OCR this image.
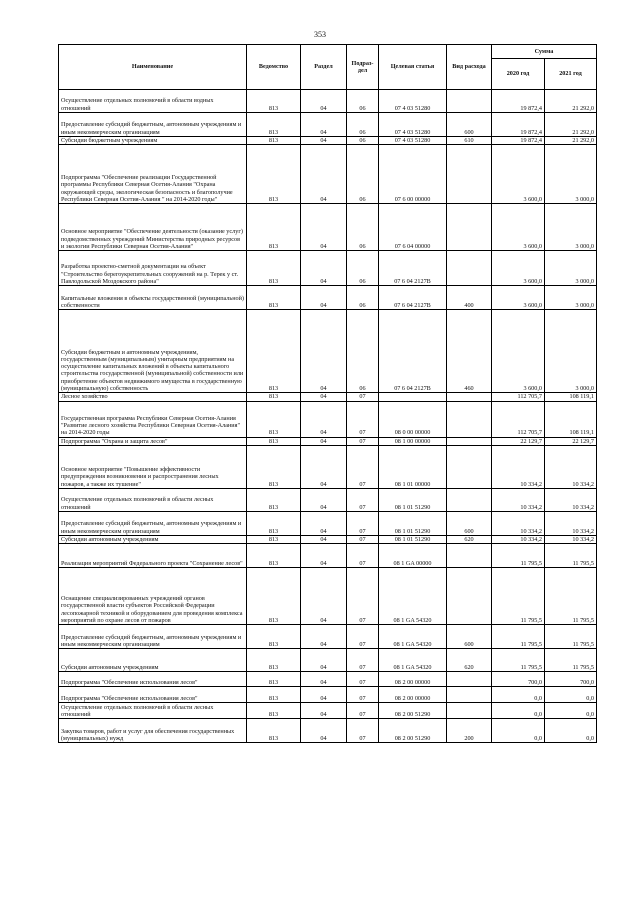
353
Наименование	Ведомство	Раздел	Подраз-дел	Целевая статья	Вид расхода	Сумма	
						2020 год	2021 год
Осуществление отдельных полномочий в области водных отношений	813	04	06	07 4 03 51280		19 872,4	21 292,0
Предоставление субсидий бюджетным, автономным учреждениям и иным некоммерческим организациям	813	04	06	07 4 03 51280	600	19 872,4	21 292,0
Субсидии бюджетным учреждениям	813	04	06	07 4 03 51280	610	19 872,4	21 292,0
Подпрограмма "Обеспечение реализации Государственной программы Республики Северная Осетия-Алания "Охрана окружающей среды, экологическая безопасность и благополучие Республики Северная Осетия-Алания " на 2014-2020 годы"	813	04	06	07 6 00 00000		3 600,0	3 000,0
Основное мероприятие "Обеспечение деятельности (оказание услуг) подведомственных учреждений Министерства природных ресурсов и экологии Республики Северная Осетия-Алания"	813	04	06	07 6 04 00000		3 600,0	3 000,0
Разработка проектно-сметной документации на объект "Строительство берегоукрепительных сооружений на р. Терек у ст. Павлодольской Моздокского района"	813	04	06	07 6 04 2127В		3 600,0	3 000,0
Капитальные вложения в объекты государственной (муниципальной) собственности	813	04	06	07 6 04 2127В	400	3 600,0	3 000,0
Субсидии бюджетным и автономным учреждениям, государственным (муниципальным) унитарным предприятиям на осуществление капитальных вложений в объекты капитального строительства государственной (муниципальной) собственности или приобретение объектов недвижимого имущества в государственную (муниципальную) собственность	813	04	06	07 6 04 2127В	460	3 600,0	3 000,0
Лесное хозяйство	813	04	07			112 705,7	108 119,1
Государственная программа Республики Северная Осетия-Алания "Развитие лесного хозяйства Республики Северная Осетия-Алания" на 2014-2020 годы	813	04	07	08 0 00 00000		112 705,7	108 119,1
Подпрограмма "Охрана и защита лесов"	813	04	07	08 1 00 00000		22 129,7	22 129,7
Основное мероприятие "Повышение эффективности предупреждения возникновения и распространения лесных пожаров, а также их тушение"	813	04	07	08 1 01 00000		10 334,2	10 334,2
Осуществление отдельных полномочий в области лесных отношений	813	04	07	08 1 01 51290		10 334,2	10 334,2
Предоставление субсидий бюджетным, автономным учреждениям и иным некоммерческим организациям	813	04	07	08 1 01 51290	600	10 334,2	10 334,2
Субсидии автономным учреждениям	813	04	07	08 1 01 51290	620	10 334,2	10 334,2
Реализация мероприятий Федерального проекта "Сохранение лесов"	813	04	07	08 1 GA 00000		11 795,5	11 795,5
Оснащение специализированных учреждений органов государственной власти субъектов Российской Федерации лесопожарной техникой и оборудованием для проведения комплекса мероприятий по охране лесов от пожаров	813	04	07	08 1 GA 54320		11 795,5	11 795,5
Предоставление субсидий бюджетным, автономным учреждениям и иным некоммерческим организациям	813	04	07	08 1 GA 54320	600	11 795,5	11 795,5
Субсидии автономным учреждениям	813	04	07	08 1 GA 54320	620	11 795,5	11 795,5
Подпрограмма "Обеспечение использования лесов"	813	04	07	08 2 00 00000		700,0	700,0
Подпрограмма "Обеспечение использования лесов"	813	04	07	08 2 00 00000		0,0	0,0
Осуществление отдельных полномочий в области лесных отношений	813	04	07	08 2 00 51290		0,0	0,0
Закупка товаров, работ и услуг для обеспечения государственных (муниципальных) нужд	813	04	07	08 2 00 51290	200	0,0	0,0
